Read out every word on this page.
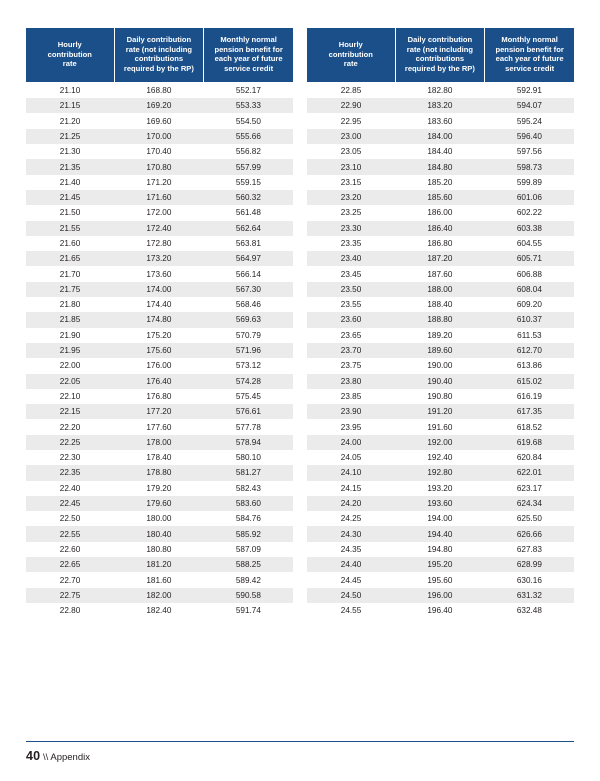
Hourly
contribution
rate	Daily contribution
rate (not including
contributions
required by the RP)	Monthly normal
pension benefit for
each year of future
service credit
21.10	168.80	552.17
21.15	169.20	553.33
21.20	169.60	554.50
21.25	170.00	555.66
21.30	170.40	556.82
21.35	170.80	557.99
21.40	171.20	559.15
21.45	171.60	560.32
21.50	172.00	561.48
21.55	172.40	562.64
21.60	172.80	563.81
21.65	173.20	564.97
21.70	173.60	566.14
21.75	174.00	567.30
21.80	174.40	568.46
21.85	174.80	569.63
21.90	175.20	570.79
21.95	175.60	571.96
22.00	176.00	573.12
22.05	176.40	574.28
22.10	176.80	575.45
22.15	177.20	576.61
22.20	177.60	577.78
22.25	178.00	578.94
22.30	178.40	580.10
22.35	178.80	581.27
22.40	179.20	582.43
22.45	179.60	583.60
22.50	180.00	584.76
22.55	180.40	585.92
22.60	180.80	587.09
22.65	181.20	588.25
22.70	181.60	589.42
22.75	182.00	590.58
22.80	182.40	591.74
Hourly
contribution
rate	Daily contribution
rate (not including
contributions
required by the RP)	Monthly normal
pension benefit for
each year of future
service credit
22.85	182.80	592.91
22.90	183.20	594.07
22.95	183.60	595.24
23.00	184.00	596.40
23.05	184.40	597.56
23.10	184.80	598.73
23.15	185.20	599.89
23.20	185.60	601.06
23.25	186.00	602.22
23.30	186.40	603.38
23.35	186.80	604.55
23.40	187.20	605.71
23.45	187.60	606.88
23.50	188.00	608.04
23.55	188.40	609.20
23.60	188.80	610.37
23.65	189.20	611.53
23.70	189.60	612.70
23.75	190.00	613.86
23.80	190.40	615.02
23.85	190.80	616.19
23.90	191.20	617.35
23.95	191.60	618.52
24.00	192.00	619.68
24.05	192.40	620.84
24.10	192.80	622.01
24.15	193.20	623.17
24.20	193.60	624.34
24.25	194.00	625.50
24.30	194.40	626.66
24.35	194.80	627.83
24.40	195.20	628.99
24.45	195.60	630.16
24.50	196.00	631.32
24.55	196.40	632.48
40 \\ Appendix
